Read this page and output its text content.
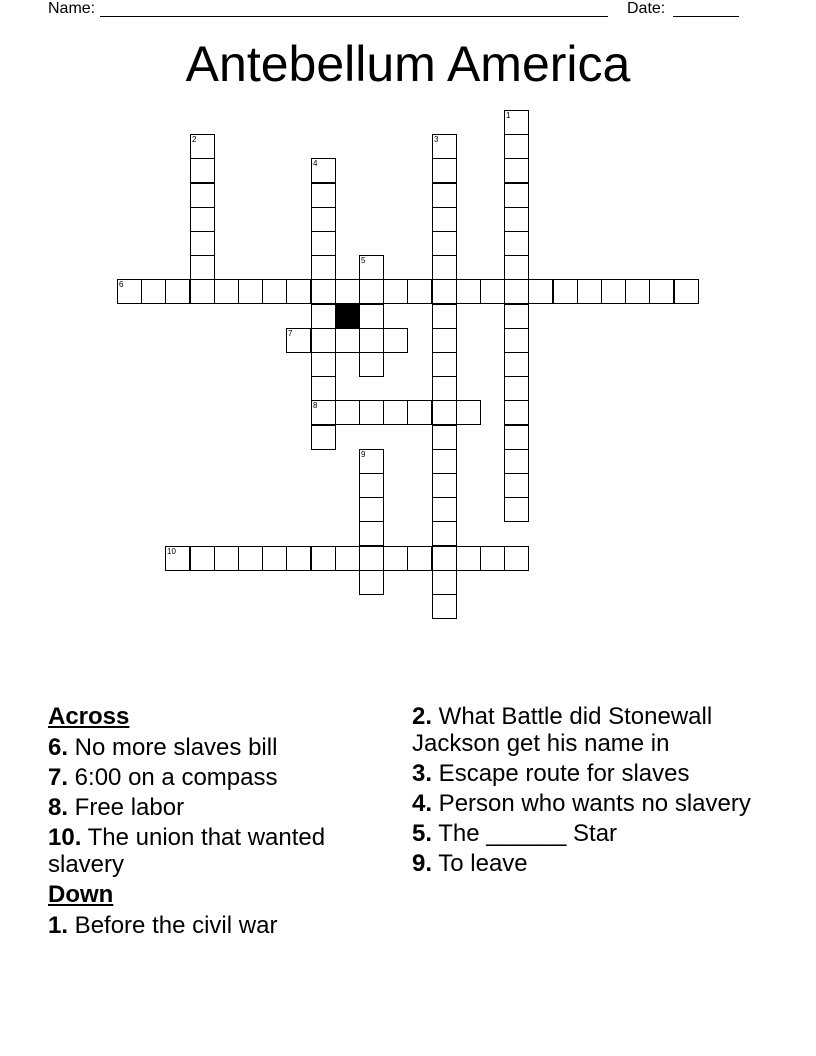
Name:	Date:
Antebellum America
1
2	3
4
8
5
6
7
9
10
Across
6. No more slaves bill
7. 6:00 on a compass
8. Free labor
10. The union that wanted slavery
Down
1. Before the civil war
2. What Battle did Stonewall Jackson get his name in
3. Escape route for slaves
4. Person who wants no slavery
5. The ______ Star
9. To leave
